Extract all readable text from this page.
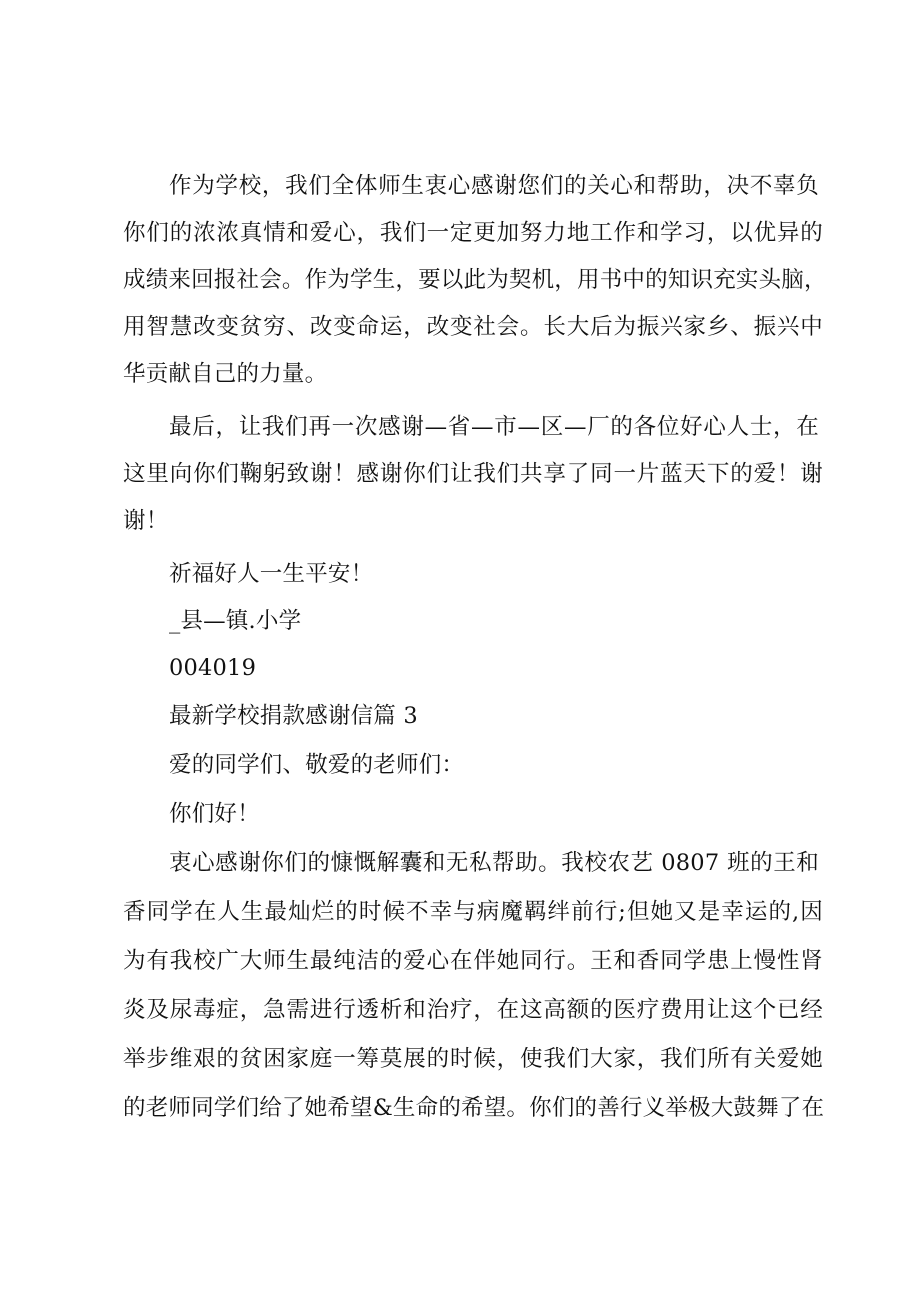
作为学校，我们全体师生衷心感谢您们的关心和帮助，决不辜负
你们的浓浓真情和爱心，我们一定更加努力地工作和学习，以优异的
成绩来回报社会。作为学生，要以此为契机，用书中的知识充实头脑，
用智慧改变贫穷、改变命运，改变社会。长大后为振兴家乡、振兴中
华贡献自己的力量。
最后，让我们再一次感谢—省—市—区—厂的各位好心人士，在
这里向你们鞠躬致谢！感谢你们让我们共享了同一片蓝天下的爱！谢
谢！
祈福好人一生平安！
_县—镇.小学
004019
最新学校捐款感谢信篇 3
爱的同学们、敬爱的老师们：
你们好！
衷心感谢你们的慷慨解囊和无私帮助。我校农艺 0807 班的王和
香同学在人生最灿烂的时候不幸与病魔羁绊前行;但她又是幸运的,因
为有我校广大师生最纯洁的爱心在伴她同行。王和香同学患上慢性肾
炎及尿毒症，急需进行透析和治疗，在这高额的医疗费用让这个已经
举步维艰的贫困家庭一筹莫展的时候，使我们大家，我们所有关爱她
的老师同学们给了她希望&生命的希望。你们的善行义举极大鼓舞了在
